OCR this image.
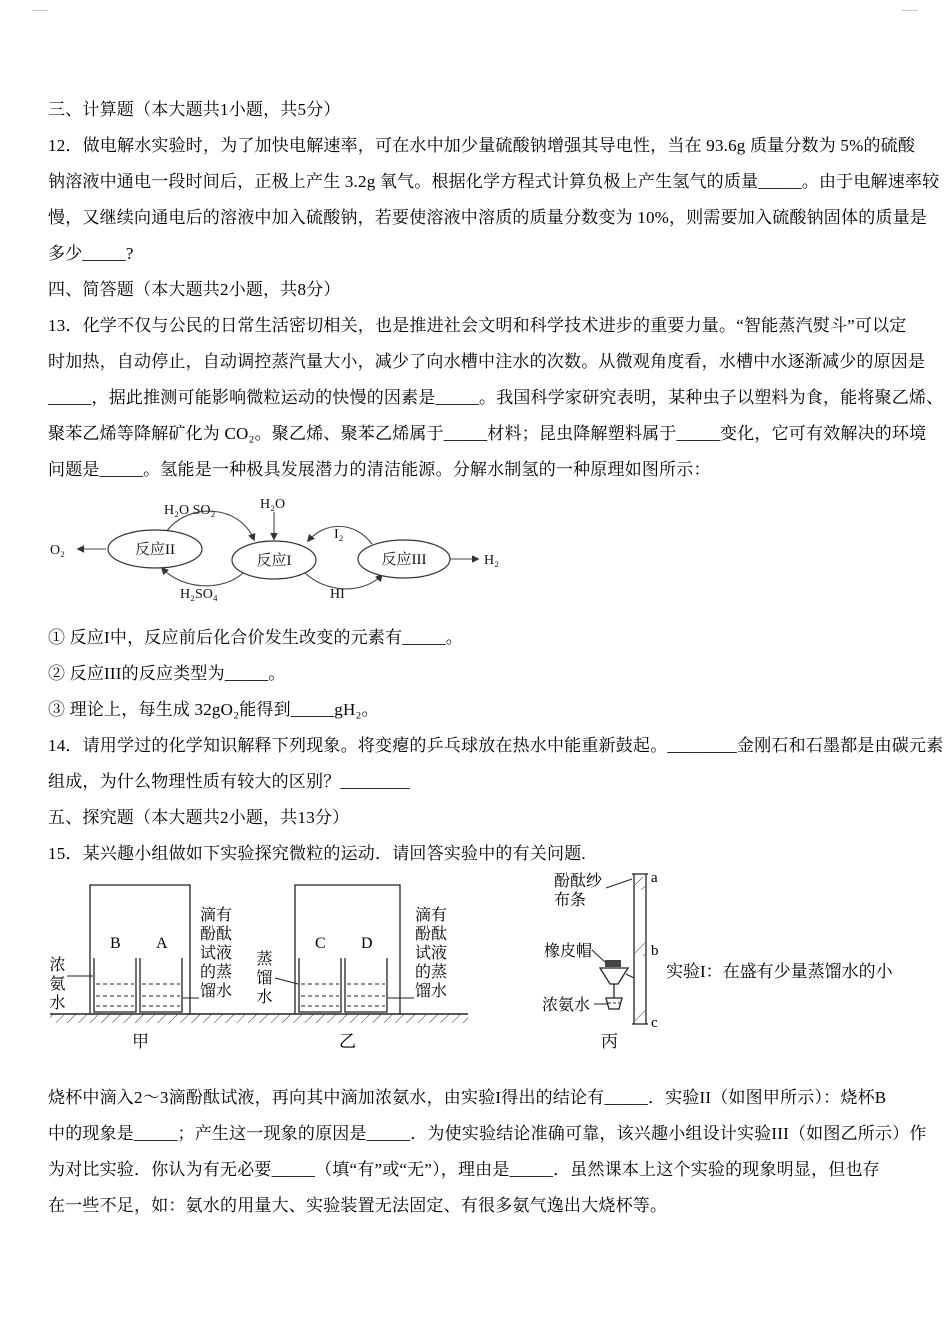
三、计算题（本大题共1小题，共5分）
12．做电解水实验时，为了加快电解速率，可在水中加少量硫酸钠增强其导电性，当在 93.6g 质量分数为 5%的硫酸
钠溶液中通电一段时间后，正极上产生 3.2g 氧气。根据化学方程式计算负极上产生氢气的质量_____。由于电解速率较
慢，又继续向通电后的溶液中加入硫酸钠，若要使溶液中溶质的质量分数变为 10%，则需要加入硫酸钠固体的质量是
多少_____?
四、简答题（本大题共2小题，共8分）
13．化学不仅与公民的日常生活密切相关，也是推进社会文明和科学技术进步的重要力量。“智能蒸汽熨斗”可以定
时加热，自动停止，自动调控蒸汽量大小，减少了向水槽中注水的次数。从微观角度看，水槽中水逐渐减少的原因是
_____，据此推测可能影响微粒运动的快慢的因素是_____。我国科学家研究表明，某种虫子以塑料为食，能将聚乙烯、
聚苯乙烯等降解矿化为 CO₂。聚乙烯、聚苯乙烯属于_____材料；昆虫降解塑料属于_____变化，它可有效解决的环境
问题是_____。氢能是一种极具发展潜力的清洁能源。分解水制氢的一种原理如图所示：
O₂
H₂O SO₂	H₂O
I₂
HI
H₂SO₄
H₂
反应II
反应I	反应III
① 反应I中，反应前后化合价发生改变的元素有_____。
② 反应III的反应类型为_____。
③ 理论上，每生成 32gO₂能得到_____gH₂。
14．请用学过的化学知识解释下列现象。将变瘪的乒乓球放在热水中能重新鼓起。________金刚石和石墨都是由碳元素
组成，为什么物理性质有较大的区别？________
五、探究题（本大题共2小题，共13分）
15．某兴趣小组做如下实验探究微粒的运动．请回答实验中的有关问题.
浓氨水
B A
滴有酚酞试液的蒸馏水
蒸馏水
C D
滴有酚酞试液的蒸馏水
甲	乙	丙
酚酞纱布条
橡皮帽
浓氨水
a
b
c
实验I：在盛有少量蒸馏水的小
烧杯中滴入2～3滴酚酞试液，再向其中滴加浓氨水，由实验I得出的结论有_____．实验II（如图甲所示）：烧杯B
中的现象是_____；产生这一现象的原因是_____．为使实验结论准确可靠，该兴趣小组设计实验III（如图乙所示）作
为对比实验．你认为有无必要_____（填“有”或“无”），理由是_____．虽然课本上这个实验的现象明显，但也存
在一些不足，如：氨水的用量大、实验装置无法固定、有很多氨气逸出大烧杯等。
